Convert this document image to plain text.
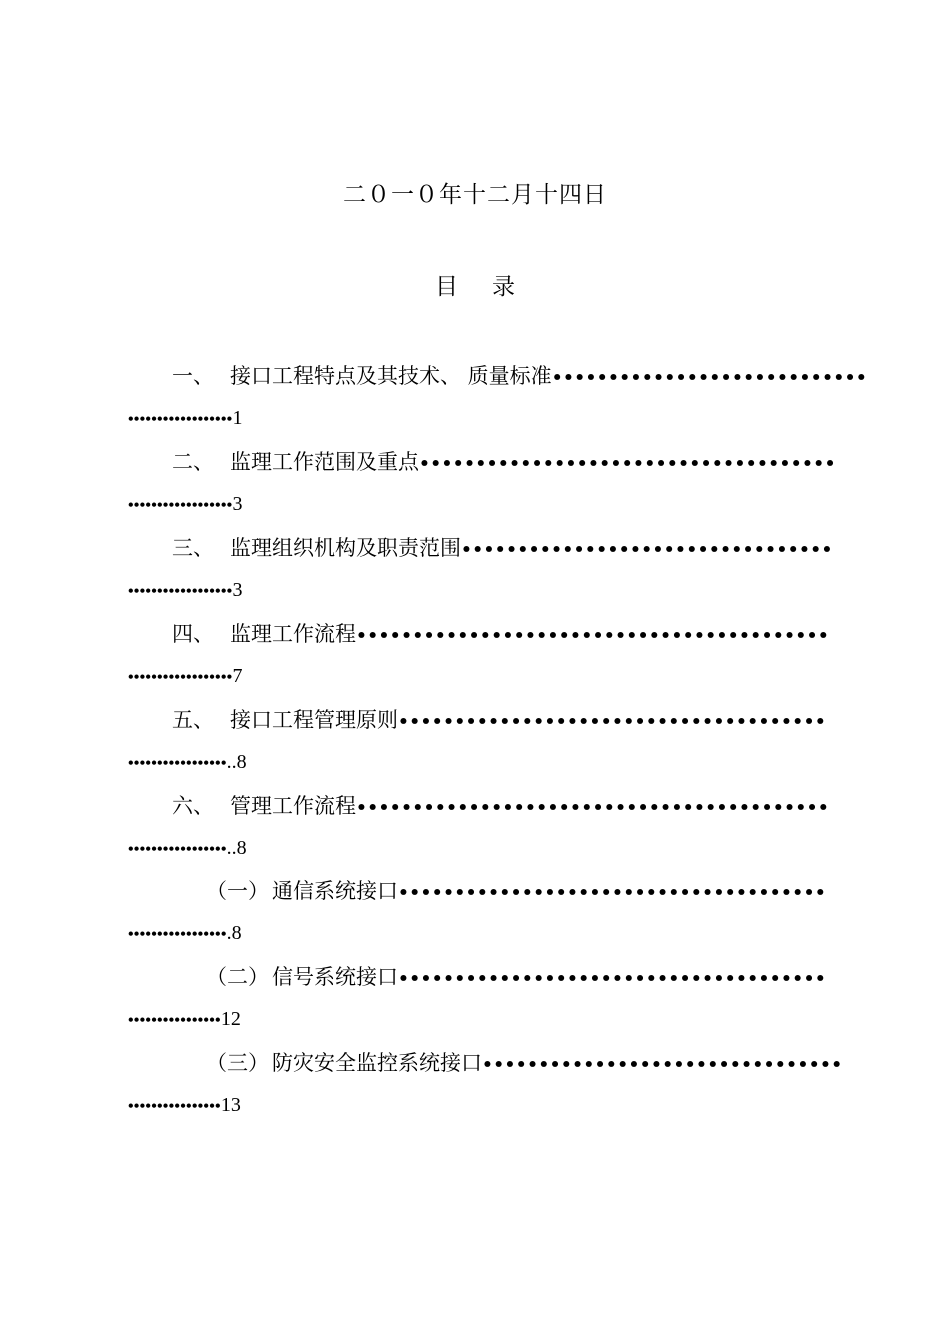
二０一０年十二月十四日
目录
一、 接口工程特点及其技术、 质量标准••••••••••••••••••••••••••••
••••••••••••••••••1
二、 监理工作范围及重点•••••••••••••••••••••••••••••••••••••
••••••••••••••••••3
三、 监理组织机构及职责范围•••••••••••••••••••••••••••••••••
••••••••••••••••••3
四、 监理工作流程••••••••••••••••••••••••••••••••••••••••••
••••••••••••••••••7
五、 接口工程管理原则••••••••••••••••••••••••••••••••••••••
•••••••••••••••••..8
六、 管理工作流程••••••••••••••••••••••••••••••••••••••••••
•••••••••••••••••..8
（一） 通信系统接口••••••••••••••••••••••••••••••••••••••
•••••••••••••••••.8
（二） 信号系统接口••••••••••••••••••••••••••••••••••••••
••••••••••••••••12
（三） 防灾安全监控系统接口••••••••••••••••••••••••••••••••
••••••••••••••••13
